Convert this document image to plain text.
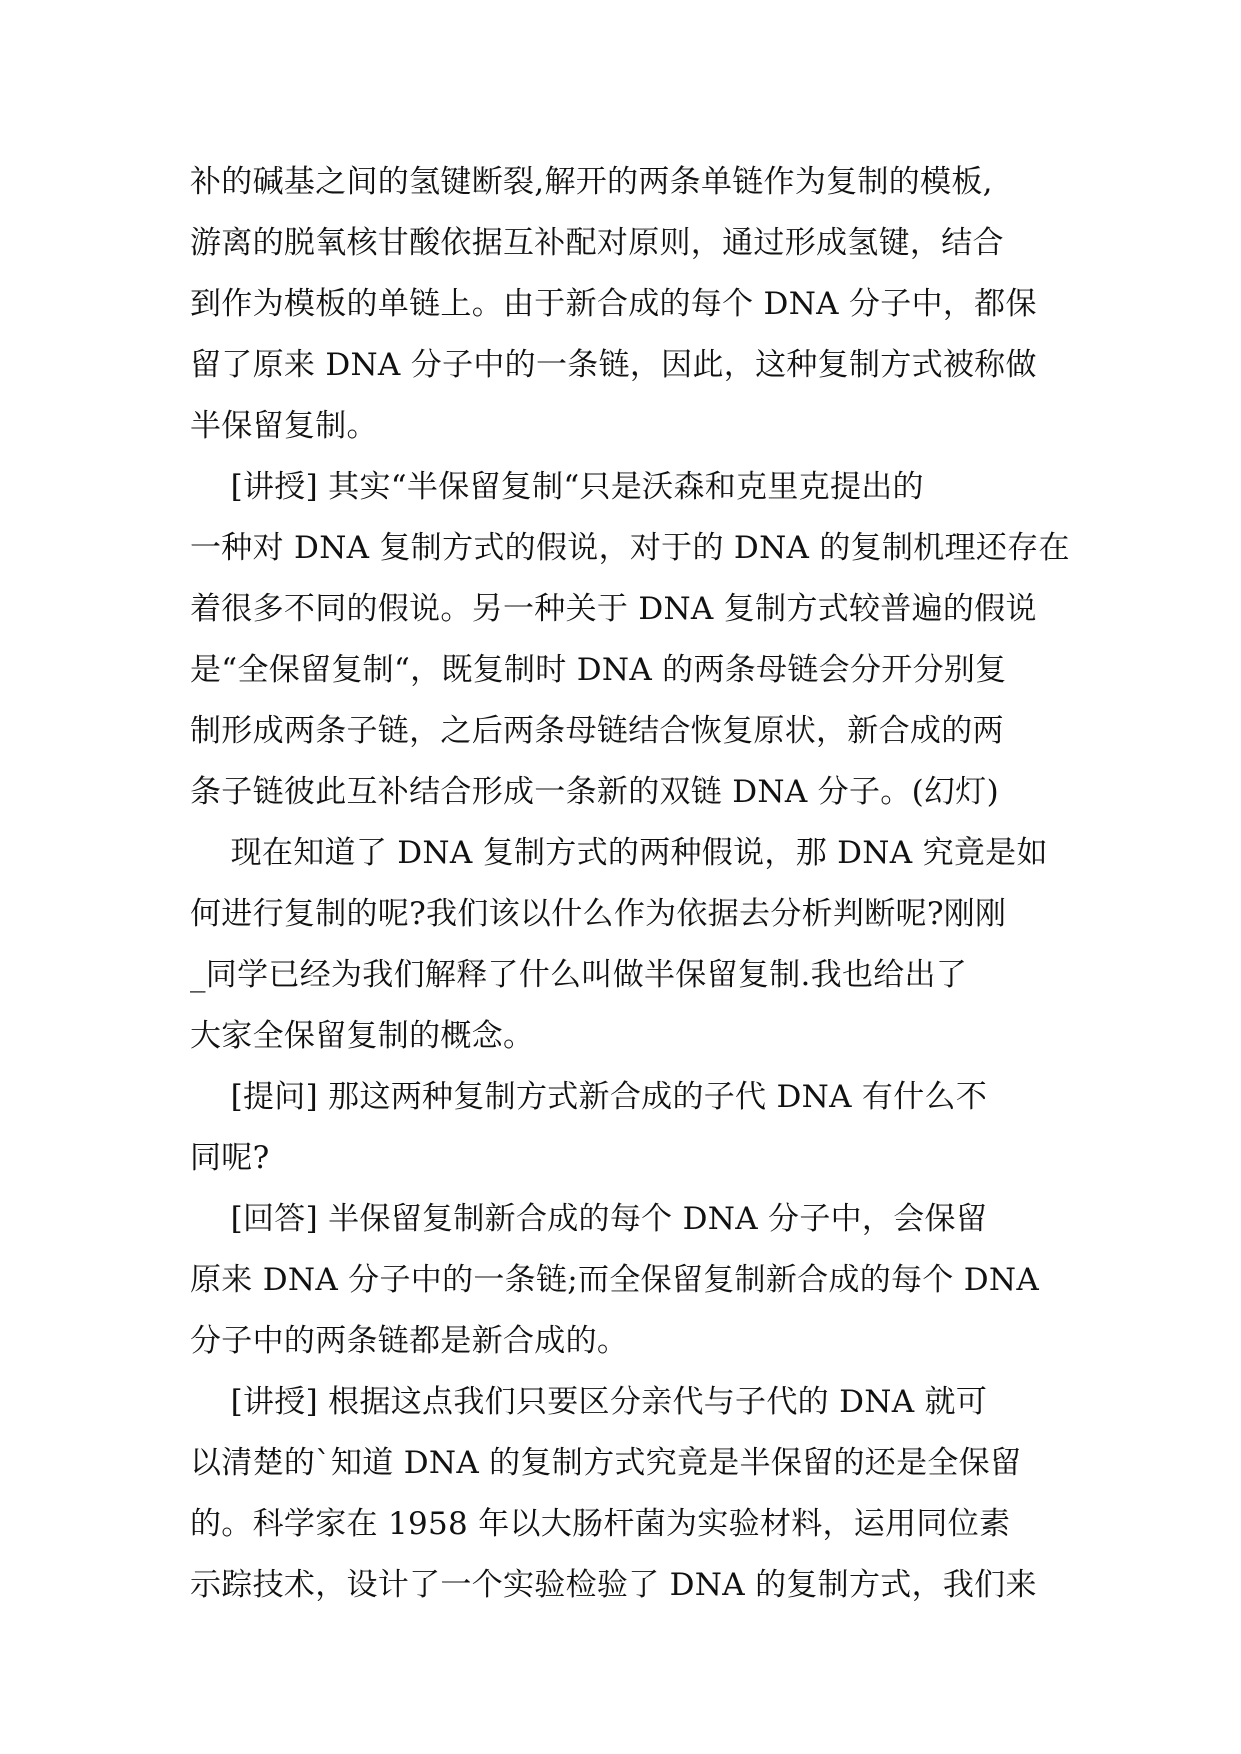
补的碱基之间的氢键断裂,解开的两条单链作为复制的模板,
游离的脱氧核甘酸依据互补配对原则，通过形成氢键，结合
到作为模板的单链上。由于新合成的每个 DNA 分子中，都保
留了原来 DNA 分子中的一条链，因此，这种复制方式被称做
半保留复制。
[讲授] 其实“半保留复制“只是沃森和克里克提出的
一种对 DNA 复制方式的假说，对于的 DNA 的复制机理还存在
着很多不同的假说。另一种关于 DNA 复制方式较普遍的假说
是“全保留复制“，既复制时 DNA 的两条母链会分开分别复
制形成两条子链，之后两条母链结合恢复原状，新合成的两
条子链彼此互补结合形成一条新的双链 DNA 分子。(幻灯)
现在知道了 DNA 复制方式的两种假说，那 DNA 究竟是如
何进行复制的呢?我们该以什么作为依据去分析判断呢?刚刚
_同学已经为我们解释了什么叫做半保留复制.我也给出了
大家全保留复制的概念。
[提问] 那这两种复制方式新合成的子代 DNA 有什么不
同呢?
[回答] 半保留复制新合成的每个 DNA 分子中，会保留
原来 DNA 分子中的一条链;而全保留复制新合成的每个 DNA
分子中的两条链都是新合成的。
[讲授] 根据这点我们只要区分亲代与子代的 DNA 就可
以清楚的`知道 DNA 的复制方式究竟是半保留的还是全保留
的。科学家在 1958 年以大肠杆菌为实验材料，运用同位素
示踪技术，设计了一个实验检验了 DNA 的复制方式，我们来
